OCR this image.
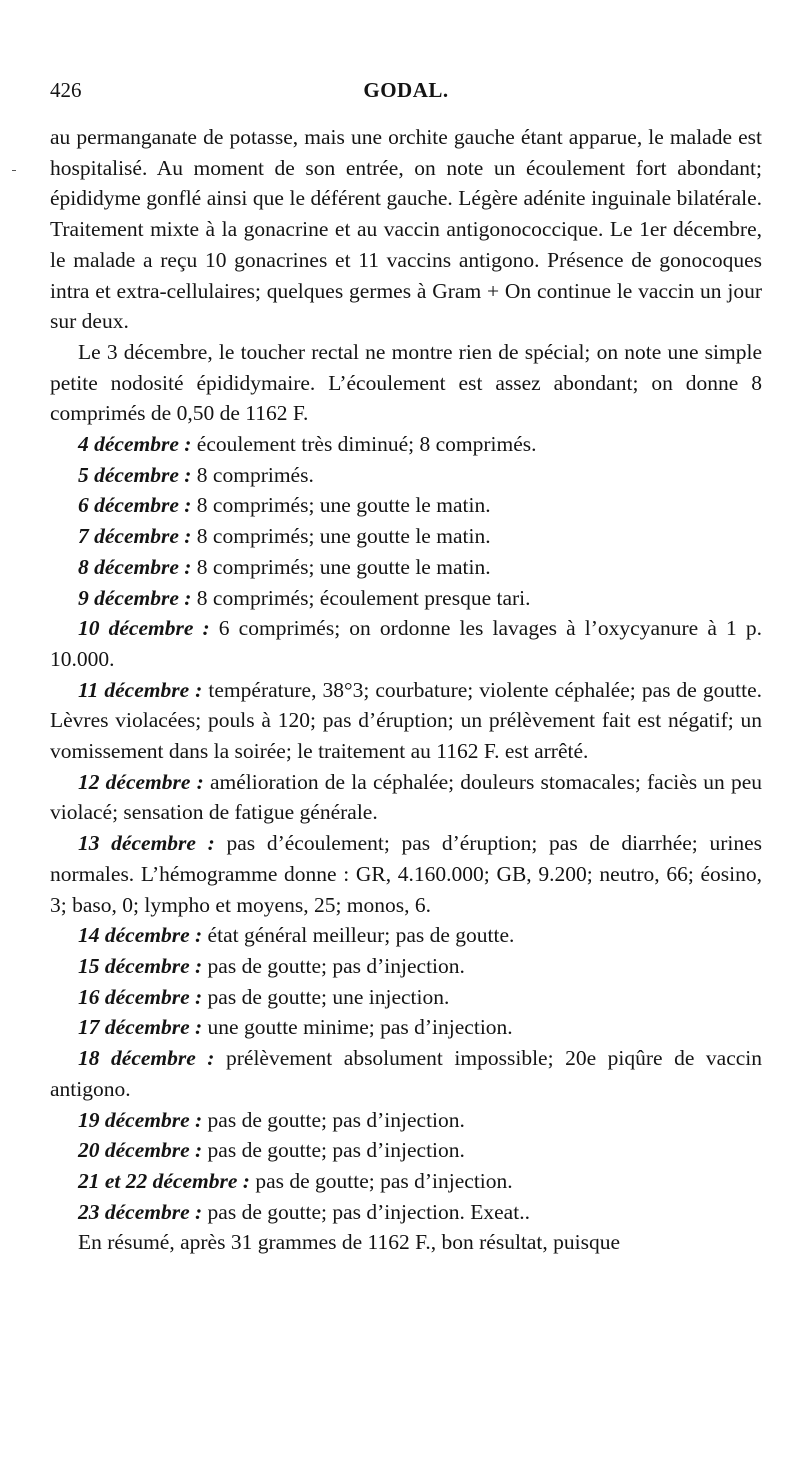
426	GODAL.

au permanganate de potasse, mais une orchite gauche étant apparue, le malade est hospitalisé. Au moment de son entrée, on note un écoulement fort abondant; épididyme gonflé ainsi que le déférent gauche. Légère adénite inguinale bilatérale. Traitement mixte à la gonacrine et au vaccin antigonococcique. Le 1er décembre, le malade a reçu 10 gonacrines et 11 vaccins antigono. Présence de gonocoques intra et extra-cellulaires; quelques germes à Gram + On continue le vaccin un jour sur deux.

Le 3 décembre, le toucher rectal ne montre rien de spécial; on note une simple petite nodosité épididymaire. L’écoulement est assez abondant; on donne 8 comprimés de 0,50 de 1162 F.

4 décembre : écoulement très diminué; 8 comprimés.

5 décembre : 8 comprimés.

6 décembre : 8 comprimés; une goutte le matin.

7 décembre : 8 comprimés; une goutte le matin.

8 décembre : 8 comprimés; une goutte le matin.

9 décembre : 8 comprimés; écoulement presque tari.

10 décembre : 6 comprimés; on ordonne les lavages à l’oxycyanure à 1 p. 10.000.

11 décembre : température, 38°3; courbature; violente céphalée; pas de goutte. Lèvres violacées; pouls à 120; pas d’éruption; un prélèvement fait est négatif; un vomissement dans la soirée; le traitement au 1162 F. est arrêté.

12 décembre : amélioration de la céphalée; douleurs stomacales; faciès un peu violacé; sensation de fatigue générale.

13 décembre : pas d’écoulement; pas d’éruption; pas de diarrhée; urines normales. L’hémogramme donne : GR, 4.160.000; GB, 9.200; neutro, 66; éosino, 3; baso, 0; lympho et moyens, 25; monos, 6.

14 décembre : état général meilleur; pas de goutte.

15 décembre : pas de goutte; pas d’injection.

16 décembre : pas de goutte; une injection.

17 décembre : une goutte minime; pas d’injection.

18 décembre : prélèvement absolument impossible; 20e piqûre de vaccin antigono.

19 décembre : pas de goutte; pas d’injection.

20 décembre : pas de goutte; pas d’injection.

21 et 22 décembre : pas de goutte; pas d’injection.

23 décembre : pas de goutte; pas d’injection. Exeat..

En résumé, après 31 grammes de 1162 F., bon résultat, puisque
